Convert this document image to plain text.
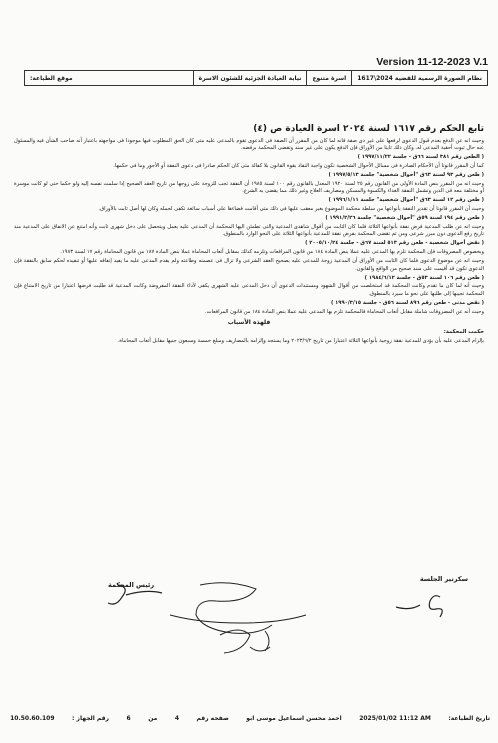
Version 11-12-2023 V.1
نظام الصورة الرسمية للقضية 2024\1617
اسرة متنوع
نيابة العيادة الجزئية للشئون الاسرة
موقع الطباعة:
تابع الحكم رقم ١٦١٧ لسنة ٢٠٢٤ اسرة العيادة ص (٤)

وحيث انه عن الدفع بعدم قبول الدعوى لرفعها على غير ذى صفة فانه لما كان من المقرر أن الصفة فى الدعوى تقوم بالمدعى عليه متى كان الحق المطلوب فيها موجودا فى مواجهته باعتبار أنه صاحب الشأن فيه والمسئول عنه حال ثبوت أحقية المدعى له. وكان ذلك ثابتا من الأوراق فإن الدفع يكون على غير سند وتقضى المحكمة برفضه.

( الطعن رقم ٣٨١ لسنة ٦٦ق - جلسة ١٩٩٧/١١/٢٢ )

كما أن المقرر قانونا أن الأحكام الصادرة فى مسائل الأحوال الشخصية تكون واجبة النفاذ بقوة القانون بلا كفالة متى كان الحكم صادرا فى دعوى النفقة أو الأجور وما فى حكمها.

( طعن رقم ٩٣ لسنة ٦٣ق "أحوال شخصية" جلسة ١٩٩٧/٥/١٣ )

وحيث انه من المقرر بنص المادة الأولى من القانون رقم ٢٥ لسنة ١٩٢٠ المعدل بالقانون رقم ١٠٠ لسنة ١٩٨٥ أن النفقة تجب للزوجة على زوجها من تاريخ العقد الصحيح إذا سلمت نفسه إليه ولو حكما حتى لو كانت موسرة أو مختلفة معه فى الدين وتشمل النفقة الغذاء والكسوة والمسكن ومصاريف العلاج وغير ذلك مما يقضى به الشرع.

( طعن رقم ١٢ لسنة ٦٣ق "أحوال شخصية" جلسة ١٩٩٦/١/١١ )

وحيث أن المقرر قانونا أن تقدير النفقة بأنواعها من سلطة محكمة الموضوع بغير معقب عليها فى ذلك متى أقامت قضاءها على أسباب سائغة تكفى لحمله وكان لها أصل ثابت بالأوراق.

( طعن رقم ١٩٤ لسنة ٥٩ق "أحوال شخصية" جلسة ١٩٩١/٢/٢٦ )

وحيث انه عن طلب المدعية فرض نفقة بأنواعها الثلاثة فلما كان الثابت من أقوال شاهدى المدعية والتى تطمئن اليها المحكمة أن المدعى عليه يعمل ويتحصل على دخل شهرى ثابت وأنه امتنع عن الانفاق على المدعية منذ تاريخ رفع الدعوى دون مبرر شرعى ومن ثم تقضى المحكمة بفرض نفقة للمدعية بأنواعها الثلاثة على النحو الوارد بالمنطوق.

( نقض أحوال شخصية - طعن رقم ٥١٣ لسنة ٦٧ق - جلسة ٢٠٠٥/١٠/٢٤ )

وبخصوص المصروفات فإن المحكمة تلزم بها المدعى عليه عملا بنص المادة ١٨٤ من قانون المرافعات وتلزمه كذلك بمقابل أتعاب المحاماة عملا بنص المادة ١٨٧ من قانون المحاماة رقم ١٧ لسنة ١٩٨٣.

وحيث انه عن موضوع الدعوى فلما كان الثابت من الأوراق أن المدعية زوجة للمدعى عليه بصحيح العقد الشرعى ولا تزال فى عصمته وطاعته ولم يقدم المدعى عليه ما يفيد إنفاقه عليها أو تنفيذه لحكم سابق بالنفقة فإن الدعوى تكون قد أقيمت على سند صحيح من الواقع والقانون.

( طعن رقم ١٠٦ لسنة ٥٣ق - جلسة ١٩٨٤/٦/١٢ )

وحيث أنه لما كان ما تقدم وكانت المحكمة قد استخلصت من أقوال الشهود ومستندات الدعوى أن دخل المدعى عليه الشهرى يكفى لأداء النفقة المفروضة وكانت المدعية قد طلبت فرضها اعتبارا من تاريخ الامتناع فإن المحكمة تجيبها إلى طلبها على نحو ما سيرد بالمنطوق.

( نقض مدنى - طعن رقم ٨٩٦ لسنة ٥٦ق - جلسة ١٩٩٠/٣/١٥ )

وحيث أنه عن المصروفات شاملة مقابل أتعاب المحاماة فالمحكمة تلزم بها المدعى عليه عملا بنص المادة ١٨٤ من قانون المرافعات.

فلهذه الأسباب

حكمت المحكمة:

بإلزام المدعى عليه بأن يؤدى للمدعية نفقة زوجية بأنواعها الثلاثة اعتبارا من تاريخ ٢٠٢٣/٦/٢ وما يستجد وإلزامه بالمصاريف ومبلغ خمسة وسبعون جنيها مقابل أتعاب المحاماة.

سكرتير الجلسة
رئيس المحكمة
تاريخ الطباعة:
2025/01/02 11:12 AM
احمد محسن اسماعيل موسى ابو
صفحه رقم
4
من
6
رقم الجهاز :
10.50.60.109
